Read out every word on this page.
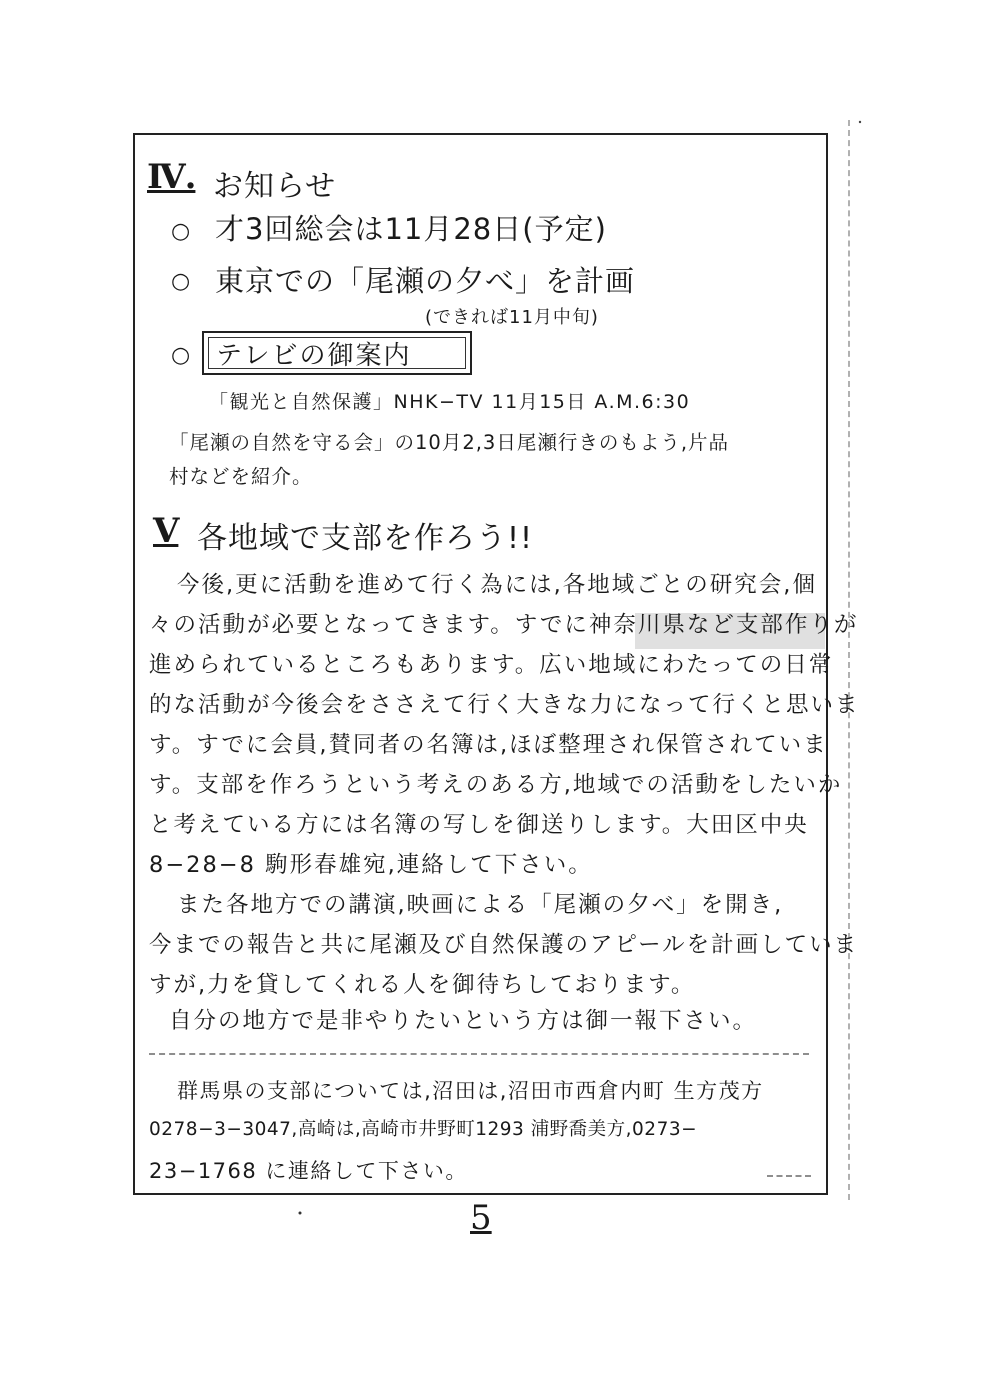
Ⅳ. お知らせ
○ 才3回総会は11月28日(予定)
○ 東京での「尾瀬の夕べ」を計画
(できれば11月中旬)
○ テレビの御案内
「観光と自然保護」NHK−TV 11月15日 A.M.6:30
「尾瀬の自然を守る会」の10月2,3日尾瀬行きのもよう,片品
村などを紹介。
Ⅴ 各地域で支部を作ろう!!
今後,更に活動を進めて行く為には,各地域ごとの研究会,個
々の活動が必要となってきます。すでに神奈川県など支部作りが
進められているところもあります。広い地域にわたっての日常
的な活動が今後会をささえて行く大きな力になって行くと思いま
す。すでに会員,賛同者の名簿は,ほぼ整理され保管されていま
す。支部を作ろうという考えのある方,地域での活動をしたいか
と考えている方には名簿の写しを御送りします。大田区中央
8−28−8 駒形春雄宛,連絡して下さい。
また各地方での講演,映画による「尾瀬の夕べ」を開き,
今までの報告と共に尾瀬及び自然保護のアピールを計画していま
すが,力を貸してくれる人を御待ちしております。
自分の地方で是非やりたいという方は御一報下さい。
群馬県の支部については,沼田は,沼田市西倉内町 生方茂方
0278−3−3047,高崎は,高崎市井野町1293 浦野喬美方,0273−
23−1768 に連絡して下さい。
5
